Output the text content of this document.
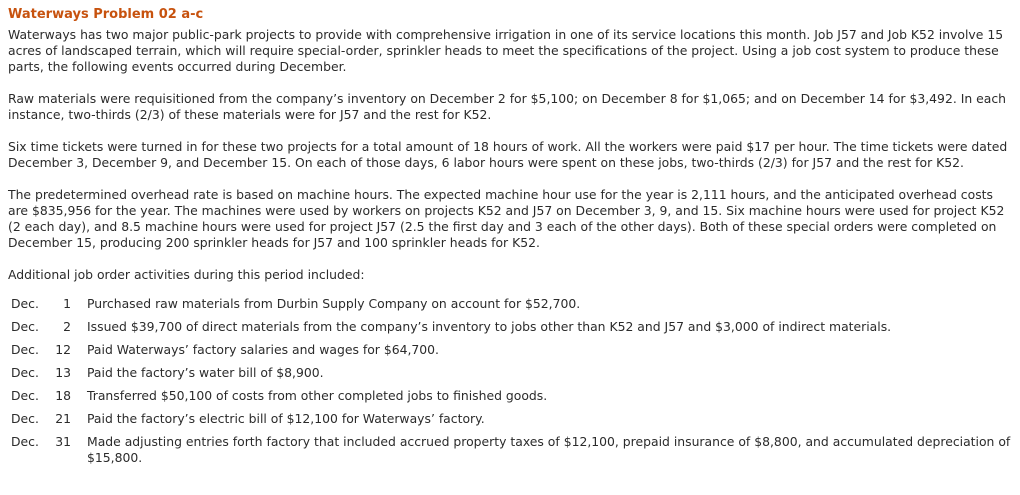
Waterways Problem 02 a-c

Waterways has two major public-park projects to provide with comprehensive irrigation in one of its service locations this month. Job J57 and Job K52 involve 15 acres of landscaped terrain, which will require special-order, sprinkler heads to meet the specifications of the project. Using a job cost system to produce these parts, the following events occurred during December.

Raw materials were requisitioned from the company’s inventory on December 2 for $5,100; on December 8 for $1,065; and on December 14 for $3,492. In each instance, two-thirds (2/3) of these materials were for J57 and the rest for K52.

Six time tickets were turned in for these two projects for a total amount of 18 hours of work. All the workers were paid $17 per hour. The time tickets were dated December 3, December 9, and December 15. On each of those days, 6 labor hours were spent on these jobs, two-thirds (2/3) for J57 and the rest for K52.

The predetermined overhead rate is based on machine hours. The expected machine hour use for the year is 2,111 hours, and the anticipated overhead costs are $835,956 for the year. The machines were used by workers on projects K52 and J57 on December 3, 9, and 15. Six machine hours were used for project K52 (2 each day), and 8.5 machine hours were used for project J57 (2.5 the first day and 3 each of the other days). Both of these special orders were completed on December 15, producing 200 sprinkler heads for J57 and 100 sprinkler heads for K52.

Additional job order activities during this period included:

Dec.	1 Purchased raw materials from Durbin Supply Company on account for $52,700.
Dec.	2 Issued $39,700 of direct materials from the company’s inventory to jobs other than K52 and J57 and $3,000 of indirect materials.
Dec.	12 Paid Waterways’ factory salaries and wages for $64,700.
Dec.	13 Paid the factory’s water bill of $8,900.
Dec.	18 Transferred $50,100 of costs from other completed jobs to finished goods.
Dec.	21 Paid the factory’s electric bill of $12,100 for Waterways’ factory.
Dec.	31 Made adjusting entries forth factory that included accrued property taxes of $12,100, prepaid insurance of $8,800, and accumulated depreciation of $15,800.
